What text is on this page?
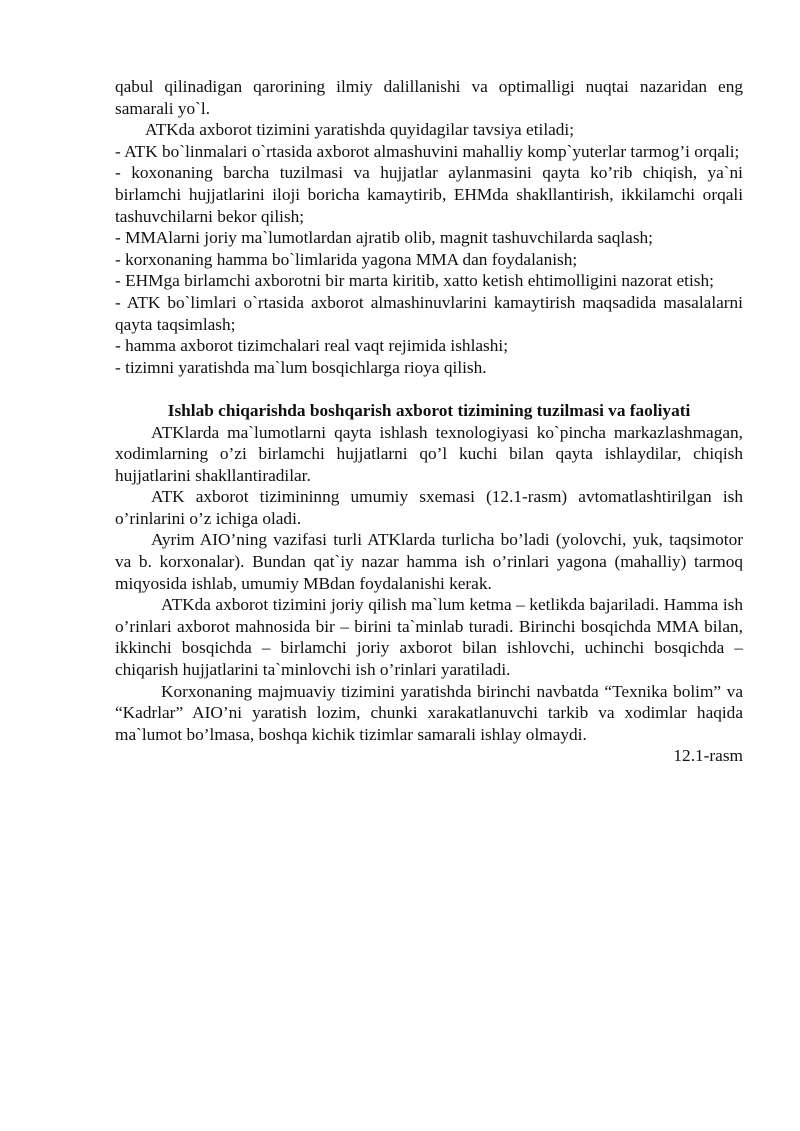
qabul qilinadigan qarorining ilmiy dalillanishi va optimalligi nuqtai nazaridan eng samarali yo`l.

ATKda axborot tizimini yaratishda quyidagilar tavsiya etiladi;

- ATK bo`linmalari o`rtasida axborot almashuvini mahalliy komp`yuterlar tarmog’i orqali;

- koxonaning barcha tuzilmasi va hujjatlar aylanmasini qayta ko’rib chiqish, ya`ni birlamchi hujjatlarini iloji boricha kamaytirib, EHMda shakllantirish, ikkilamchi orqali tashuvchilarni bekor qilish;

- MMAlarni joriy ma`lumotlardan ajratib olib, magnit tashuvchilarda saqlash;

- korxonaning hamma bo`limlarida yagona MMA dan foydalanish;

- EHMga birlamchi axborotni bir marta kiritib, xatto ketish ehtimolligini nazorat etish;

- ATK bo`limlari o`rtasida axborot almashinuvlarini kamaytirish maqsadida masalalarni qayta taqsimlash;

- hamma axborot tizimchalari real vaqt rejimida ishlashi;

- tizimni yaratishda ma`lum bosqichlarga rioya qilish.

Ishlab chiqarishda boshqarish axborot tizimining tuzilmasi va faoliyati

ATKlarda ma`lumotlarni qayta ishlash texnologiyasi ko`pincha markazlashmagan, xodimlarning o’zi birlamchi hujjatlarni qo’l kuchi bilan qayta ishlaydilar, chiqish hujjatlarini shakllantiradilar.

ATK axborot tizimininng umumiy sxemasi (12.1-rasm) avtomatlashtirilgan ish o’rinlarini o’z ichiga oladi.

Ayrim AIO’ning vazifasi turli ATKlarda turlicha bo’ladi (yolovchi, yuk, taqsimotor va b. korxonalar). Bundan qat`iy nazar hamma ish o’rinlari yagona (mahalliy) tarmoq miqyosida ishlab, umumiy MBdan foydalanishi kerak.

ATKda axborot tizimini joriy qilish ma`lum ketma – ketlikda bajariladi. Hamma ish o’rinlari axborot mahnosida bir – birini ta`minlab turadi. Birinchi bosqichda MMA bilan, ikkinchi bosqichda – birlamchi joriy axborot bilan ishlovchi, uchinchi bosqichda – chiqarish hujjatlarini ta`minlovchi ish o’rinlari yaratiladi.

Korxonaning majmuaviy tizimini yaratishda birinchi navbatda “Texnika bolim” va “Kadrlar” AIO’ni yaratish lozim, chunki xarakatlanuvchi tarkib va xodimlar haqida ma`lumot bo’lmasa, boshqa kichik tizimlar samarali ishlay olmaydi.

12.1-rasm
